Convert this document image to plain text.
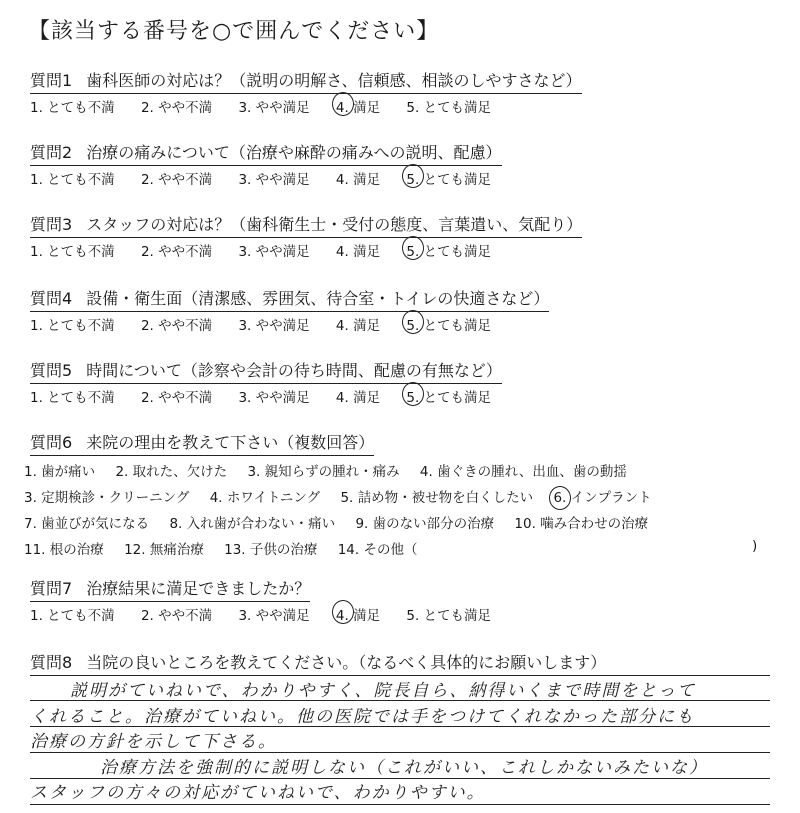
【該当する番号を○で囲んでください】
質問1 歯科医師の対応は？（説明の明解さ、信頼感、相談のしやすさなど）
1. とても不満 2. やや不満 3. やや満足 4. 満足 5. とても満足
質問2 治療の痛みについて（治療や麻酔の痛みへの説明、配慮）
1. とても不満 2. やや不満 3. やや満足 4. 満足 5. とても満足
質問3 スタッフの対応は？（歯科衛生士・受付の態度、言葉遣い、気配り）
1. とても不満 2. やや不満 3. やや満足 4. 満足 5. とても満足
質問4 設備・衛生面（清潔感、雰囲気、待合室・トイレの快適さなど）
1. とても不満 2. やや不満 3. やや満足 4. 満足 5. とても満足
質問5 時間について（診察や会計の待ち時間、配慮の有無など）
1. とても不満 2. やや不満 3. やや満足 4. 満足 5. とても満足
質問6 来院の理由を教えて下さい（複数回答）
1. 歯が痛い 2. 取れた、欠けた 3. 親知らずの腫れ・痛み 4. 歯ぐきの腫れ、出血、歯の動揺
3. 定期検診・クリーニング 4. ホワイトニング 5. 詰め物・被せ物を白くしたい 6. インプラント
7. 歯並びが気になる 8. 入れ歯が合わない・痛い 9. 歯のない部分の治療 10. 噛み合わせの治療
11. 根の治療 12. 無痛治療 13. 子供の治療 14. その他（	)
質問7 治療結果に満足できましたか？
1. とても不満 2. やや不満 3. やや満足 4. 満足 5. とても満足
質問8 当院の良いところを教えてください。（なるべく具体的にお願いします）
説明がていねいで、わかりやすく、院長自ら、納得いくまで時間をとって
くれること。治療がていねい。他の医院では手をつけてくれなかった部分にも
治療の方針を示して下さる。
治療方法を強制的に説明しない（これがいい、これしかないみたいな）
スタッフの方々の対応がていねいで、わかりやすい。
